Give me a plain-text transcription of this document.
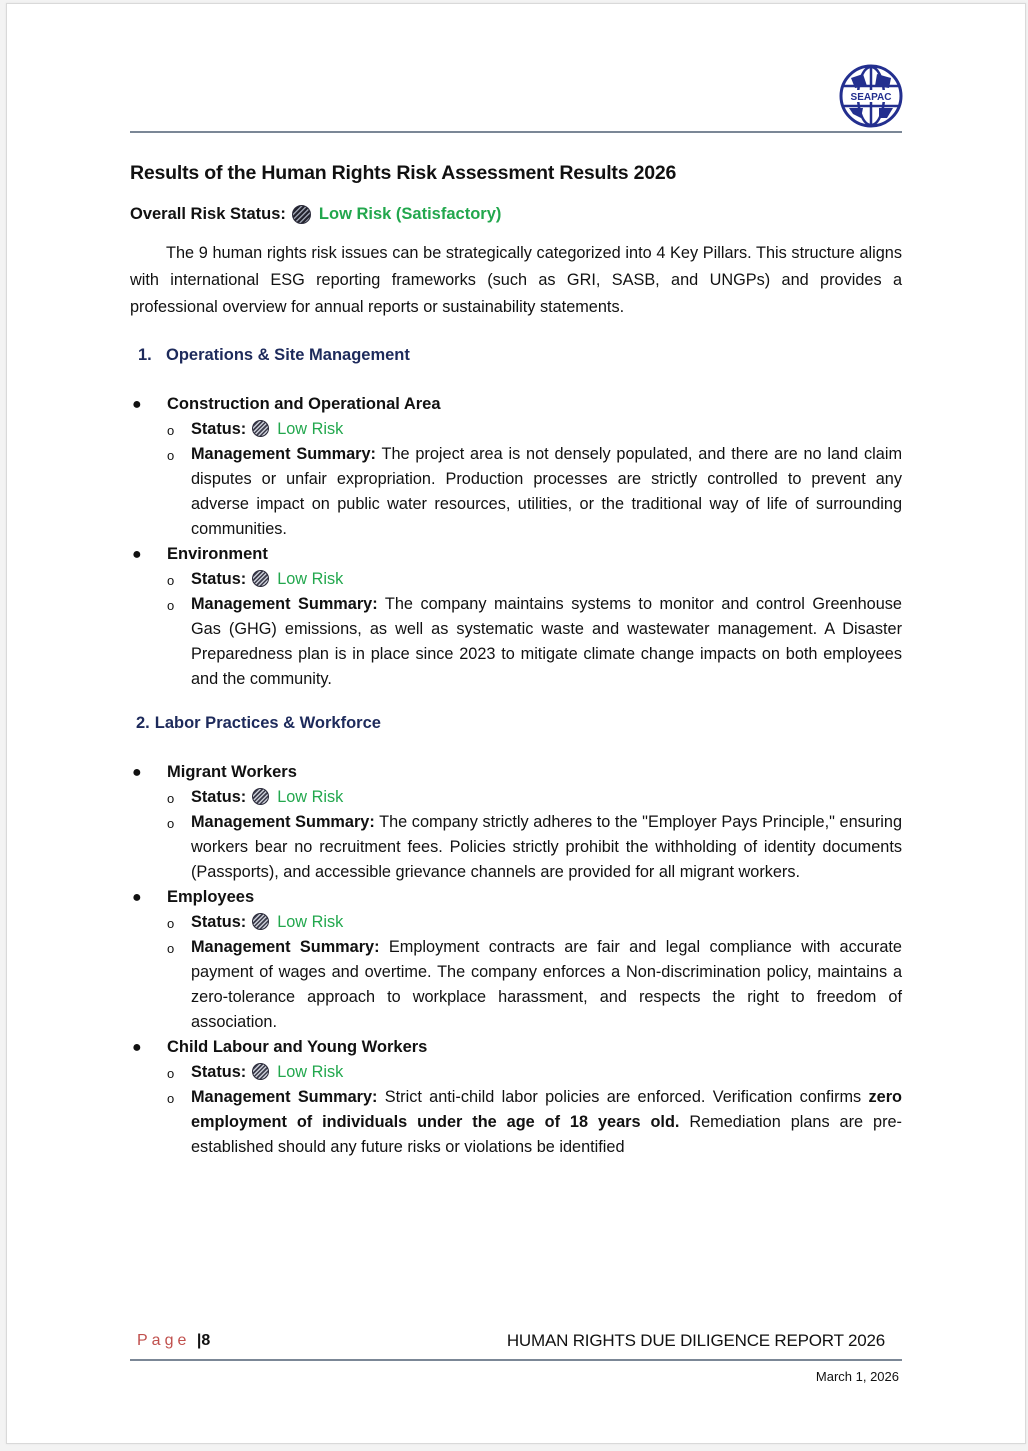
SEAPAC
Results of the Human Rights Risk Assessment Results 2026
Overall Risk Status: Low Risk (Satisfactory)

The 9 human rights risk issues can be strategically categorized into 4 Key Pillars. This structure aligns with international ESG reporting frameworks (such as GRI, SASB, and UNGPs) and provides a professional overview for annual reports or sustainability statements.

1. Operations & Site Management
● Construction and Operational Area
o Status: Low Risk
o Management Summary: The project area is not densely populated, and there are no land claim disputes or unfair expropriation. Production processes are strictly controlled to prevent any adverse impact on public water resources, utilities, or the traditional way of life of surrounding communities.
● Environment
o Status: Low Risk
o Management Summary: The company maintains systems to monitor and control Greenhouse Gas (GHG) emissions, as well as systematic waste and wastewater management. A Disaster Preparedness plan is in place since 2023 to mitigate climate change impacts on both employees and the community.
2. Labor Practices & Workforce
● Migrant Workers
o Status: Low Risk
o Management Summary: The company strictly adheres to the "Employer Pays Principle," ensuring workers bear no recruitment fees. Policies strictly prohibit the withholding of identity documents (Passports), and accessible grievance channels are provided for all migrant workers.
● Employees
o Status: Low Risk
o Management Summary: Employment contracts are fair and legal compliance with accurate payment of wages and overtime. The company enforces a Non-discrimination policy, maintains a zero-tolerance approach to workplace harassment, and respects the right to freedom of association.
● Child Labour and Young Workers
o Status: Low Risk
o Management Summary: Strict anti-child labor policies are enforced. Verification confirms zero employment of individuals under the age of 18 years old. Remediation plans are pre-established should any future risks or violations be identified
Page |8	HUMAN RIGHTS DUE DILIGENCE REPORT 2026
March 1, 2026
